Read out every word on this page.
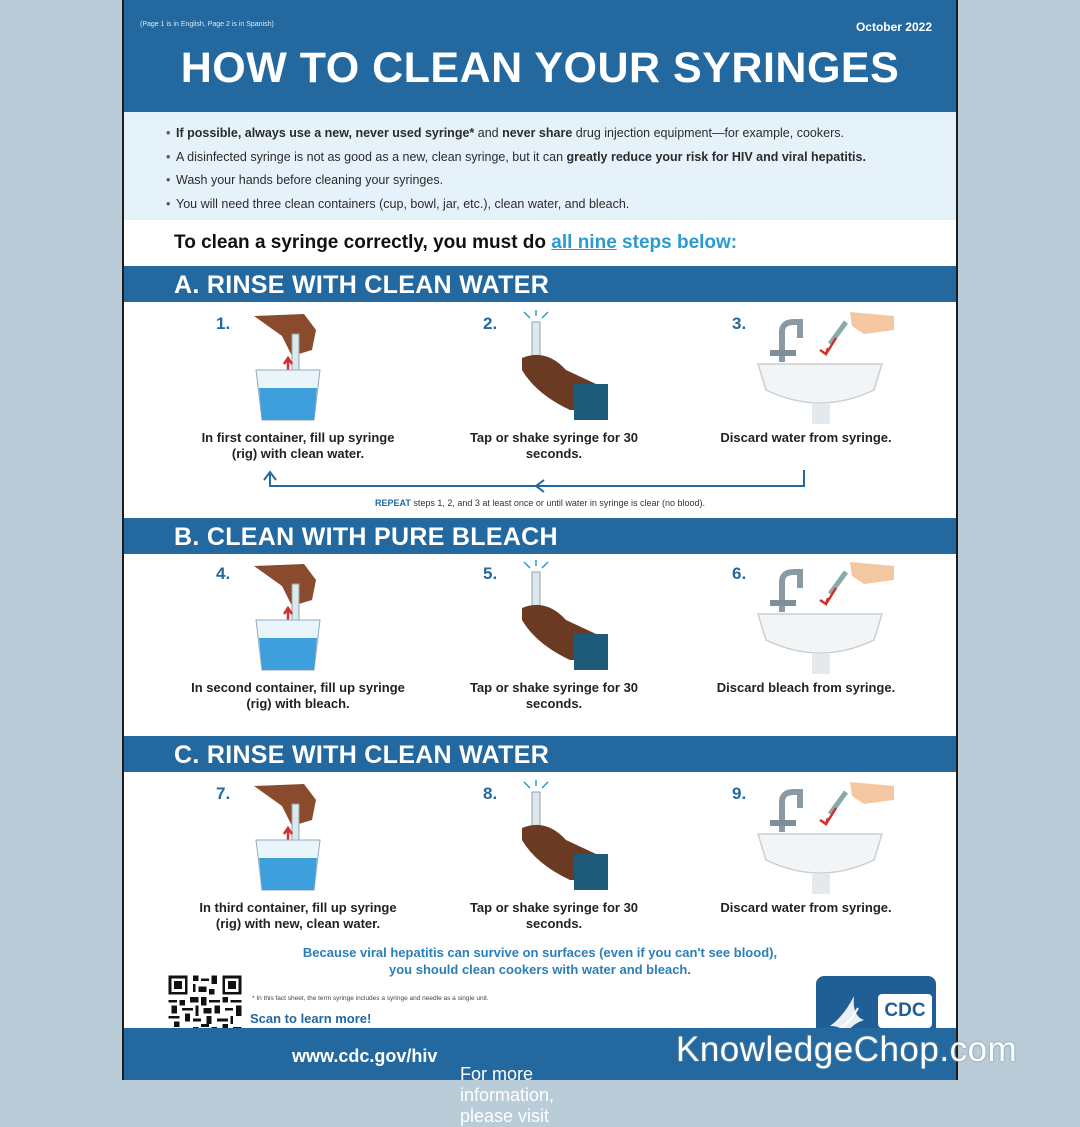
(Page 1 is in English, Page 2 is in Spanish)	October 2022
HOW TO CLEAN YOUR SYRINGES
• If possible, always use a new, never used syringe* and never share drug injection equipment—for example, cookers.
• A disinfected syringe is not as good as a new, clean syringe, but it can greatly reduce your risk for HIV and viral hepatitis.
• Wash your hands before cleaning your syringes.
• You will need three clean containers (cup, bowl, jar, etc.), clean water, and bleach.
To clean a syringe correctly, you must do all nine steps below:
A. RINSE WITH CLEAN WATER
1.	2.	3.
In first container, fill up syringe (rig) with clean water.
Tap or shake syringe for 30 seconds.
Discard water from syringe.
REPEAT steps 1, 2, and 3 at least once or until water in syringe is clear (no blood).
B. CLEAN WITH PURE BLEACH
4.	5.	6.
In second container, fill up syringe (rig) with bleach.
Tap or shake syringe for 30 seconds.
Discard bleach from syringe.
C. RINSE WITH CLEAN WATER
7.	8.	9.
In third container, fill up syringe (rig) with new, clean water.
Tap or shake syringe for 30 seconds.
Discard water from syringe.
Because viral hepatitis can survive on surfaces (even if you can't see blood),
you should clean cookers with water and bleach.
* In this fact sheet, the term syringe includes a syringe and needle as a single unit.
Scan to learn more!	CDC
For more information, please visit
www.cdc.gov/hiv	KnowledgeChop.com
